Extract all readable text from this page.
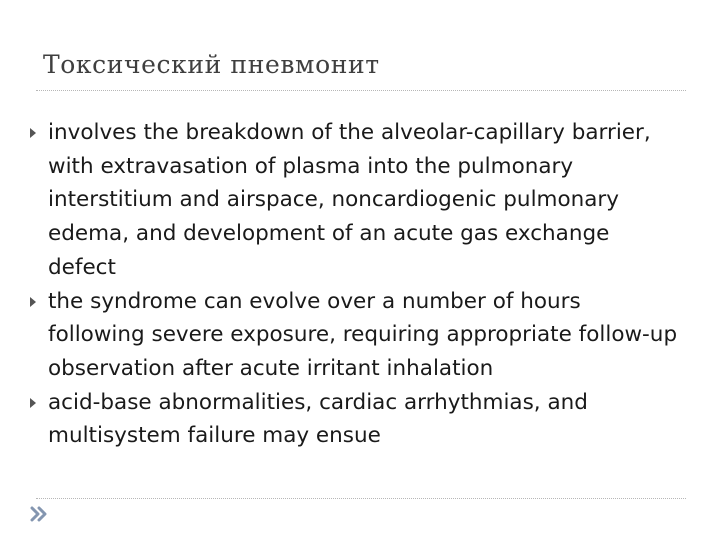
Токсический пневмонит
involves the breakdown of the alveolar-capillary barrier, with extravasation of plasma into the pulmonary interstitium and airspace, noncardiogenic pulmonary edema, and development of an acute gas exchange defect
the syndrome can evolve over a number of hours following severe exposure, requiring appropriate follow-up observation after acute irritant inhalation
acid-base abnormalities, cardiac arrhythmias, and multisystem failure may ensue
